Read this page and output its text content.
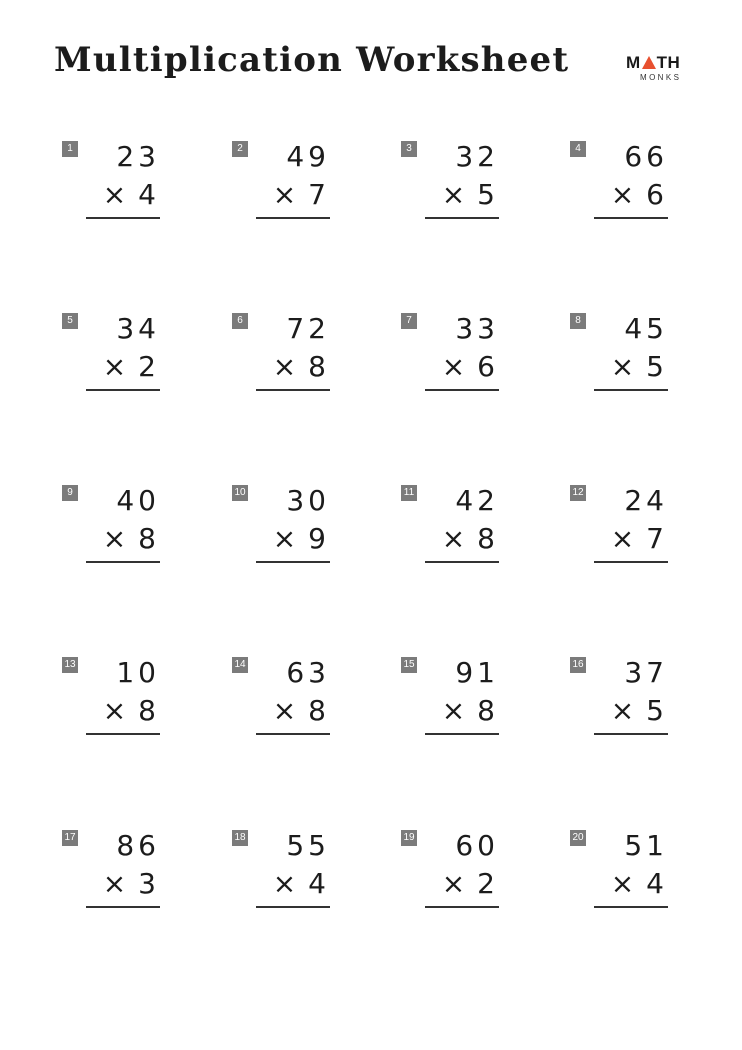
Multiplication Worksheet	M TH
MONKS
1	23
× 4
2	49
× 7
3	32
× 5
4	66
× 6
5	34
× 2
6	72
× 8
7	33
× 6
8	45
× 5
9	40
× 8
10	30
× 9
11	42
× 8
12	24
× 7
13	10
× 8
14	63
× 8
15	91
× 8
16	37
× 5
17	86
× 3
18	55
× 4
19	60
× 2
20	51
× 4
